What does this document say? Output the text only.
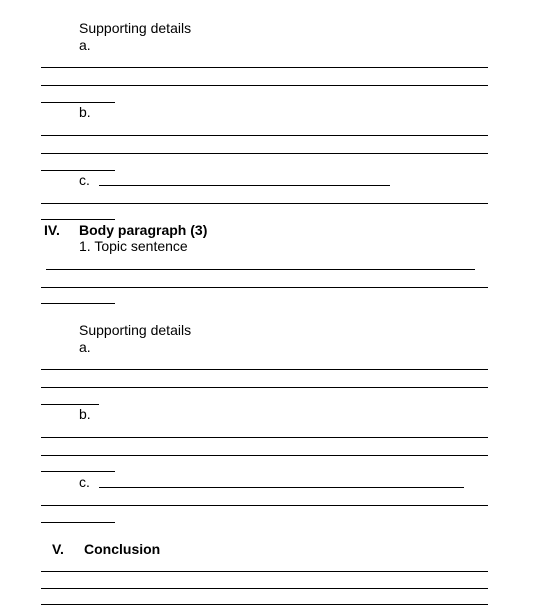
Supporting details
a.
b.
c.
IV. Body paragraph (3)
1. Topic sentence
Supporting details
a.
b.
c.
V. Conclusion
